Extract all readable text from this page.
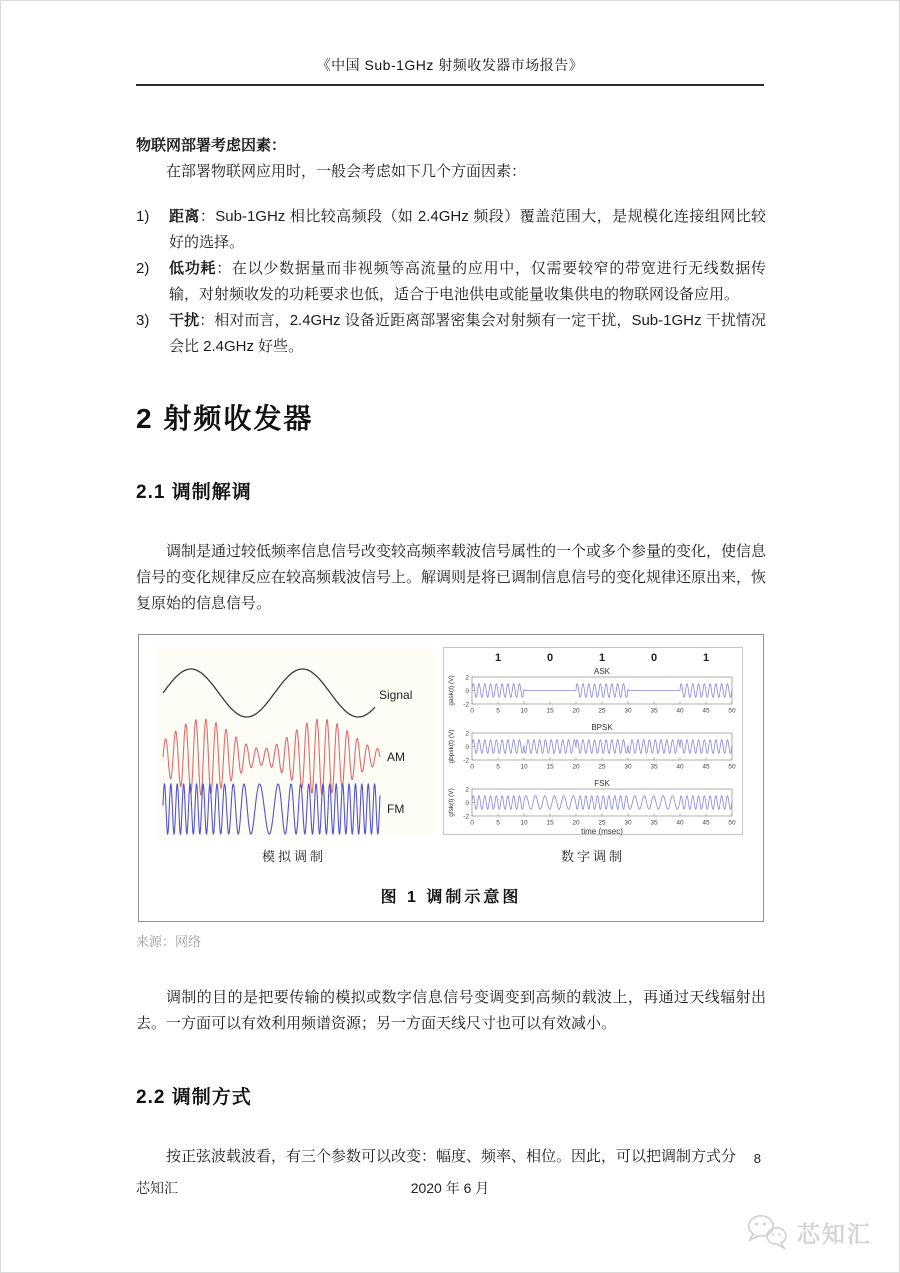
《中国 Sub-1GHz 射频收发器市场报告》

物联网部署考虑因素：

在部署物联网应用时，一般会考虑如下几个方面因素：

1)	距离：Sub-1GHz 相比较高频段（如 2.4GHz 频段）覆盖范围大，是规模化连接组网比较好的选择。
2)	低功耗：在以少数据量而非视频等高流量的应用中，仅需要较窄的带宽进行无线数据传输，对射频收发的功耗要求也低，适合于电池供电或能量收集供电的物联网设备应用。
3)	干扰：相对而言，2.4GHz 设备近距离部署密集会对射频有一定干扰，Sub-1GHz 干扰情况会比 2.4GHz 好些。
2 射频收发器
2.1 调制解调

调制是通过较低频率信息信号改变较高频率载波信号属性的一个或多个参量的变化，使信息信号的变化规律反应在较高频载波信号上。解调则是将已调制信息信号的变化规律还原出来，恢复原始的信息信号。

Signal
AM
FM
模拟调制
1	0	1	0	1
ASK
2
0
-2
gask(t) (V)
0	5	10	15	20	25	30	35	40	45	50
BPSK
2
0
-2
gbpsk(t) (V)
0	5	10	15	20	25	30	35	40	45	50
FSK
2
0
-2
gfsk(t) (V)
0	5	10	15	20	25	30	35	40	45	50
time (msec)
数字调制
图 1 调制示意图

来源：网络

调制的目的是把要传输的模拟或数字信息信号变调变到高频的载波上，再通过天线辐射出去。一方面可以有效利用频谱资源；另一方面天线尺寸也可以有效减小。

2.2 调制方式

按正弦波载波看，有三个参数可以改变：幅度、频率、相位。因此，可以把调制方式分	8
芯知汇	2020 年 6 月
芯知汇
